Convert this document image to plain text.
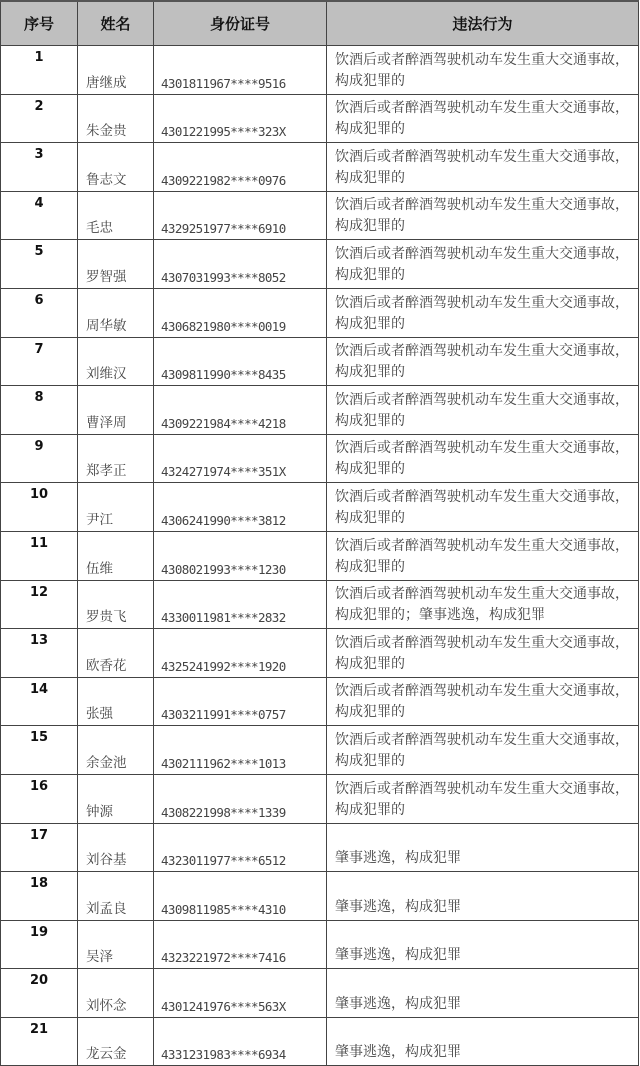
序号	姓名	身份证号	违法行为
1	唐继成	4301811967****9516	饮酒后或者醉酒驾驶机动车发生重大交通事故，构成犯罪的
2	朱金贵	4301221995****323X	饮酒后或者醉酒驾驶机动车发生重大交通事故，构成犯罪的
3	鲁志文	4309221982****0976	饮酒后或者醉酒驾驶机动车发生重大交通事故，构成犯罪的
4	毛忠	4329251977****6910	饮酒后或者醉酒驾驶机动车发生重大交通事故，构成犯罪的
5	罗智强	4307031993****8052	饮酒后或者醉酒驾驶机动车发生重大交通事故，构成犯罪的
6	周华敏	4306821980****0019	饮酒后或者醉酒驾驶机动车发生重大交通事故，构成犯罪的
7	刘维汉	4309811990****8435	饮酒后或者醉酒驾驶机动车发生重大交通事故，构成犯罪的
8	曹泽周	4309221984****4218	饮酒后或者醉酒驾驶机动车发生重大交通事故，构成犯罪的
9	郑孝正	4324271974****351X	饮酒后或者醉酒驾驶机动车发生重大交通事故，构成犯罪的
10	尹江	4306241990****3812	饮酒后或者醉酒驾驶机动车发生重大交通事故，构成犯罪的
11	伍维	4308021993****1230	饮酒后或者醉酒驾驶机动车发生重大交通事故，构成犯罪的
12	罗贵飞	4330011981****2832	饮酒后或者醉酒驾驶机动车发生重大交通事故，构成犯罪的；肇事逃逸，构成犯罪
13	欧香花	4325241992****1920	饮酒后或者醉酒驾驶机动车发生重大交通事故，构成犯罪的
14	张强	4303211991****0757	饮酒后或者醉酒驾驶机动车发生重大交通事故，构成犯罪的
15	余金池	4302111962****1013	饮酒后或者醉酒驾驶机动车发生重大交通事故，构成犯罪的
16	钟源	4308221998****1339	饮酒后或者醉酒驾驶机动车发生重大交通事故，构成犯罪的
17	刘谷基	4323011977****6512	肇事逃逸，构成犯罪
18	刘孟良	4309811985****4310	肇事逃逸，构成犯罪
19	吴泽	4323221972****7416	肇事逃逸，构成犯罪
20	刘怀念	4301241976****563X	肇事逃逸，构成犯罪
21	龙云金	4331231983****6934	肇事逃逸，构成犯罪
